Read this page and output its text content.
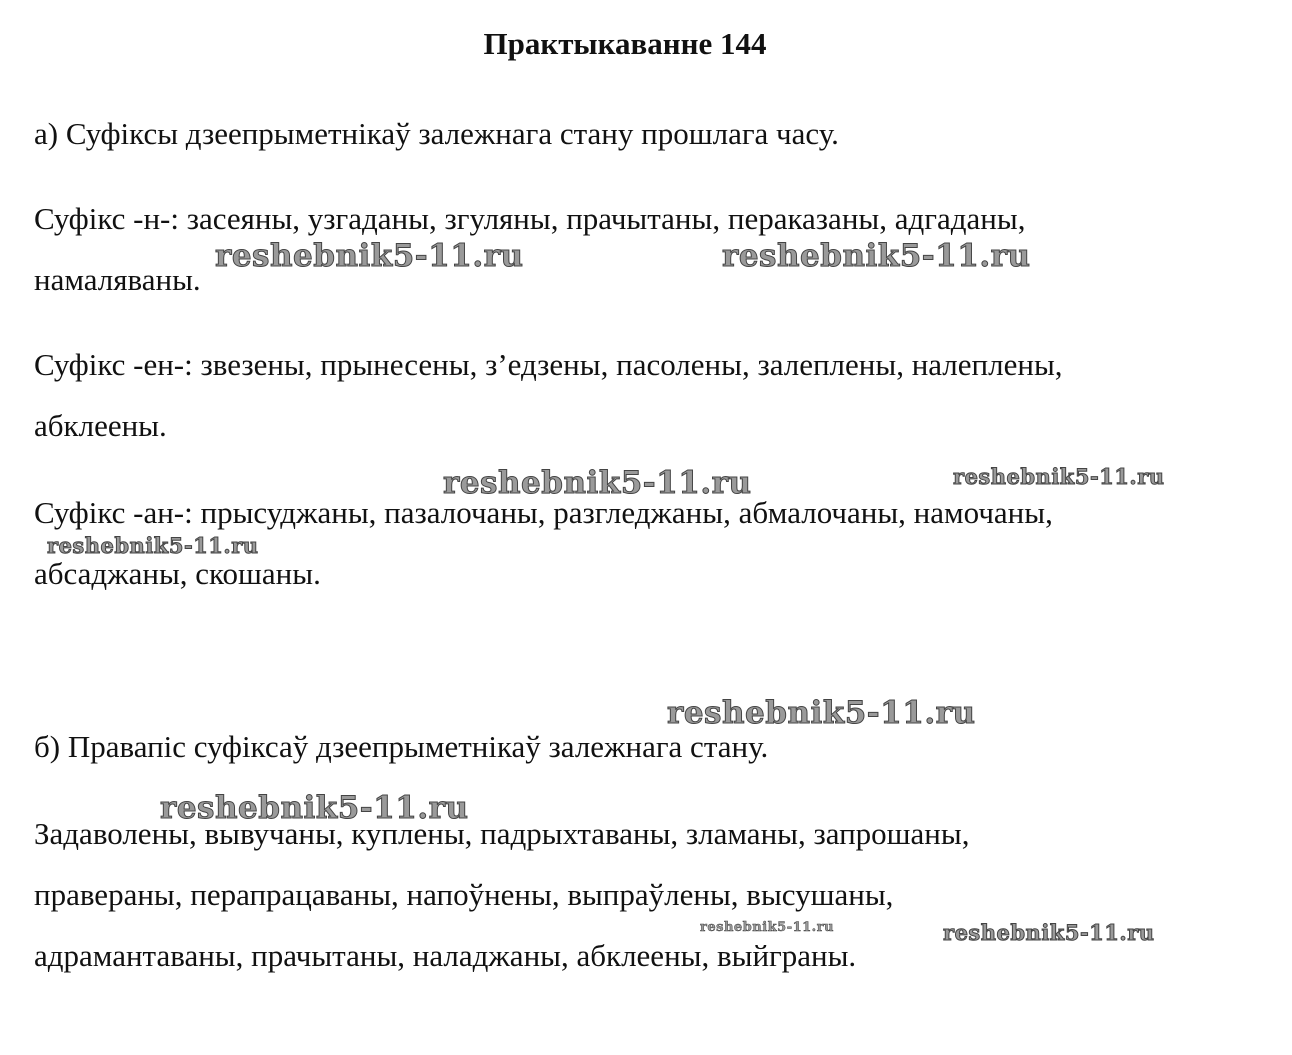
Практыкаванне 144
а) Суфіксы дзеепрыметнікаў залежнага стану прошлага часу.
Суфікс -н-: засеяны, узгаданы, згуляны, прачытаны, пераказаны, адгаданы,
намаляваны.
Суфікс -ен-: звезены, прынесены, з’едзены, пасолены, залеплены, налеплены,
абклеены.
Суфікс -ан-: прысуджаны, пазалочаны, разгледжаны, абмалочаны, намочаны,
абсаджаны, скошаны.
б) Правапіс суфіксаў дзеепрыметнікаў залежнага стану.
Задаволены, вывучаны, куплены, падрыхтаваны, зламаны, запрошаны,
праверaны, перапрацаваны, напоўнены, выпраўлены, высушаны,
адрамантаваны, прачытаны, наладжаны, абклеены, выйграны.
reshebnik5-11.ru	reshebnik5-11.ru
reshebnik5-11.ru	reshebnik5-11.ru
reshebnik5-11.ru
reshebnik5-11.ru
reshebnik5-11.ru
reshebnik5-11.ru	reshebnik5-11.ru
